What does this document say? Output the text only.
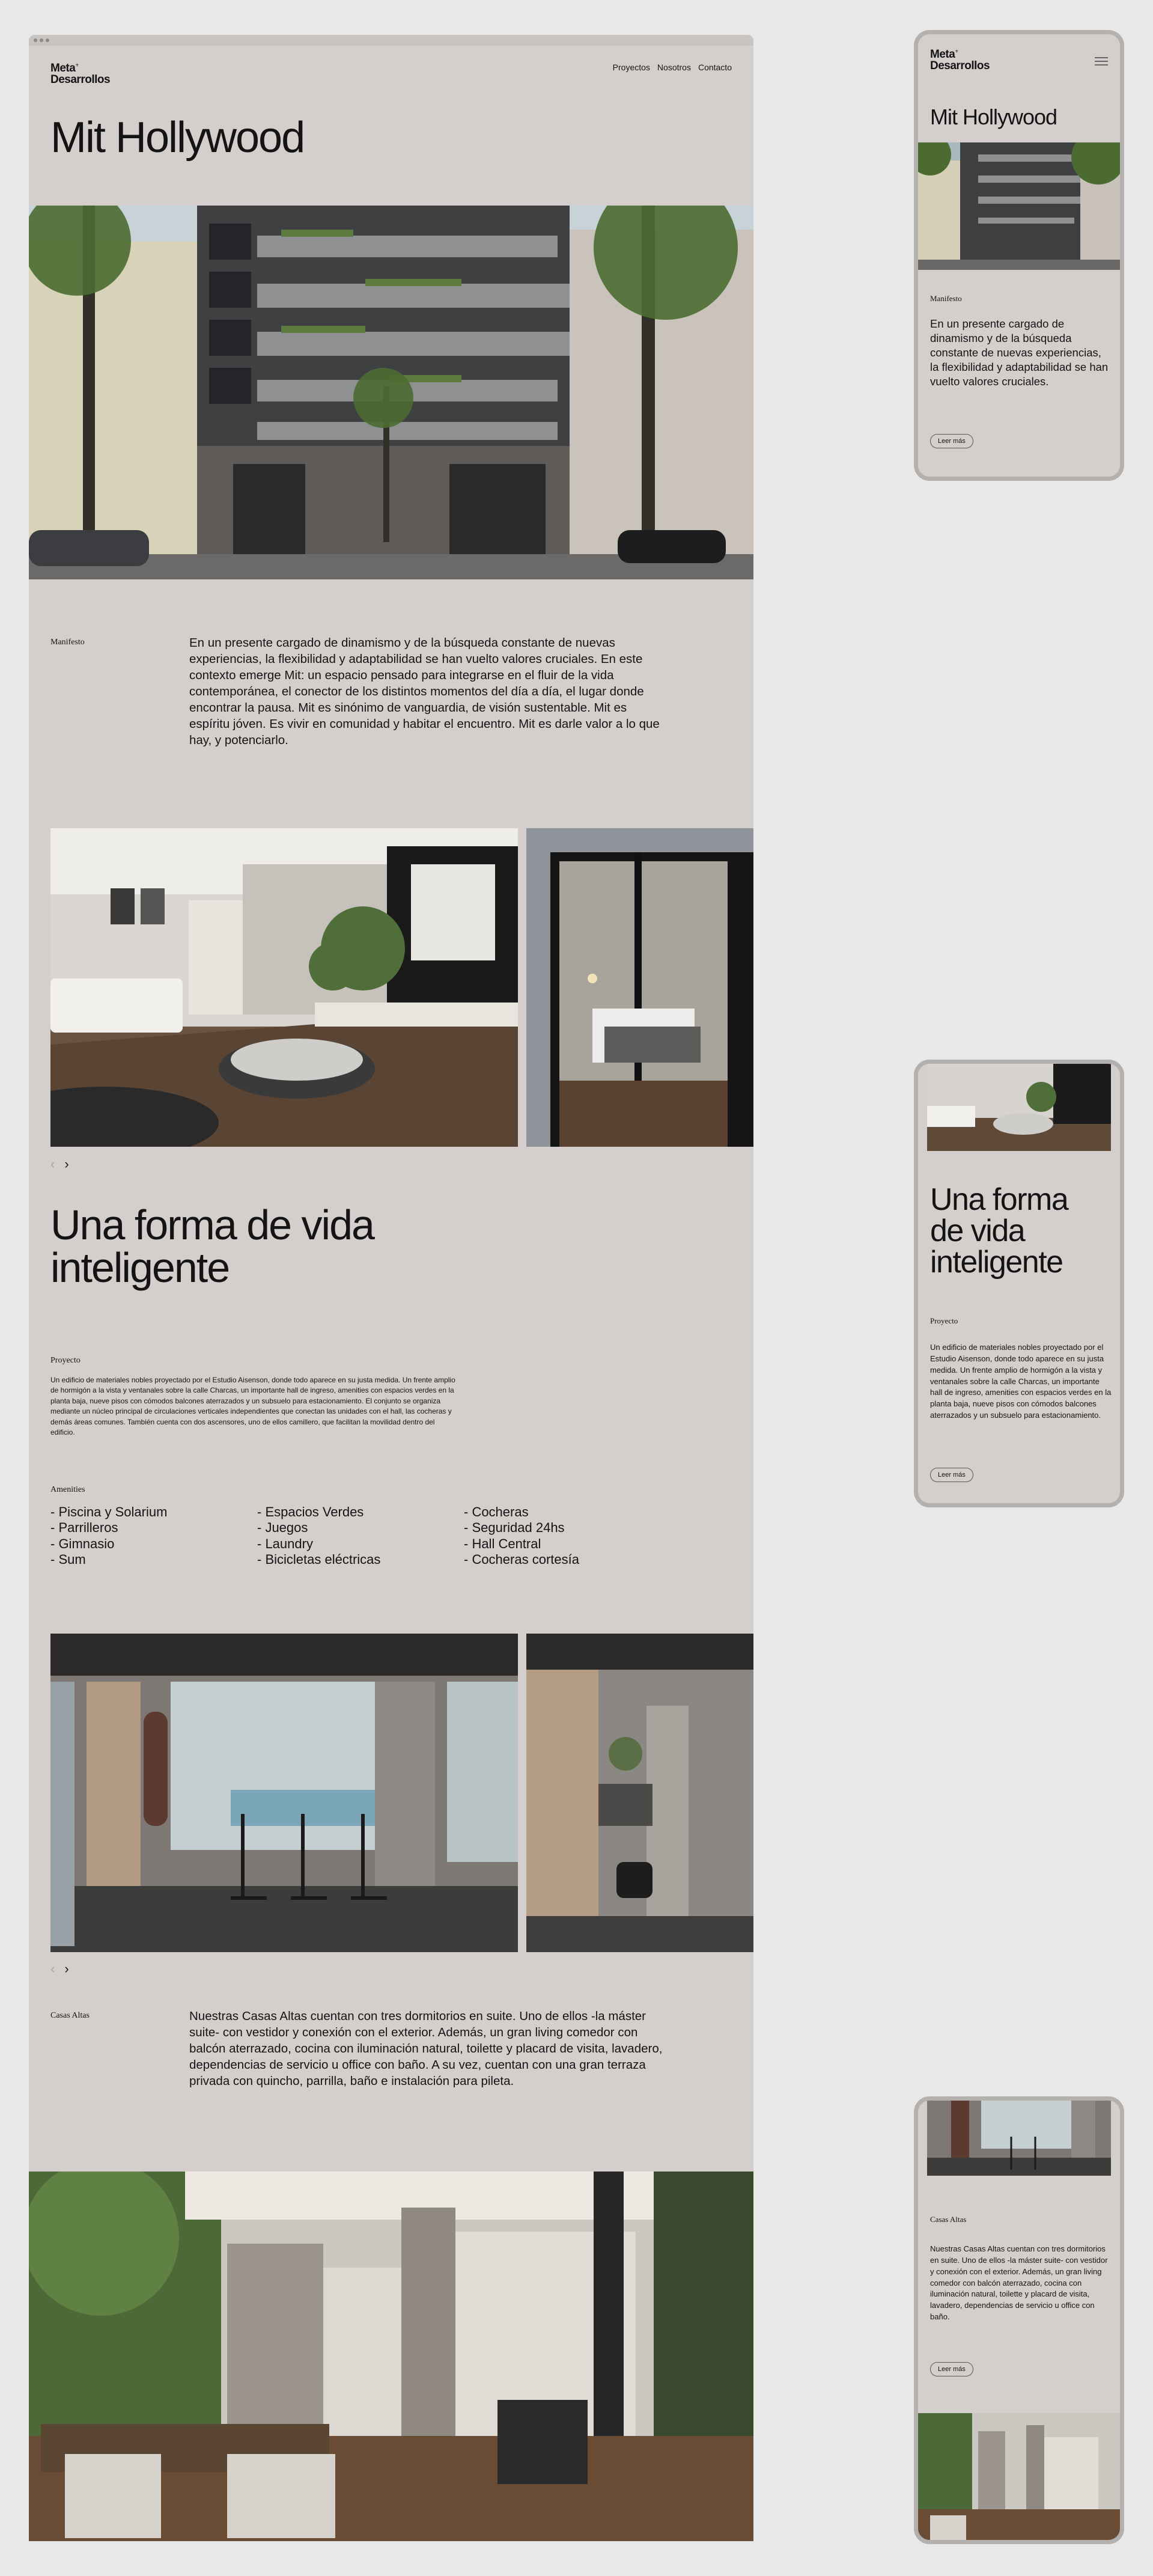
Meta+
Desarrollos
Proyectos Nosotros Contacto
Mit Hollywood
Manifesto	En un presente cargado de dinamismo y de la búsqueda constante de nuevas experiencias, la flexibilidad y adaptabilidad se han vuelto valores cruciales. En este contexto emerge Mit: un espacio pensado para integrarse en el fluir de la vida contemporánea, el conector de los distintos momentos del día a día, el lugar donde encontrar la pausa. Mit es sinónimo de vanguardia, de visión sustentable. Mit es espíritu jóven. Es vivir en comunidad y habitar el encuentro. Mit es darle valor a lo que hay, y potenciarlo.
‹ ›
Una forma de vida
inteligente
Proyecto
Un edificio de materiales nobles proyectado por el Estudio Aisenson, donde todo aparece en su justa medida. Un frente amplio de hormigón a la vista y ventanales sobre la calle Charcas, un importante hall de ingreso, amenities con espacios verdes en la planta baja, nueve pisos con cómodos balcones aterrazados y un subsuelo para estacionamiento. El conjunto se organiza mediante un núcleo principal de circulaciones verticales independientes que conectan las unidades con el hall, las cocheras y demás áreas comunes. También cuenta con dos ascensores, uno de ellos camillero, que facilitan la movilidad dentro del edificio.
Amenities
- Piscina y Solarium
- Parrilleros
- Gimnasio
- Sum
- Espacios Verdes
- Juegos
- Laundry
- Bicicletas eléctricas
- Cocheras
- Seguridad 24hs
- Hall Central
- Cocheras cortesía
‹ ›
Casas Altas	Nuestras Casas Altas cuentan con tres dormitorios en suite. Uno de ellos -la máster suite- con vestidor y conexión con el exterior. Además, un gran living comedor con balcón aterrazado, cocina con iluminación natural, toilette y placard de visita, lavadero, dependencias de servicio u office con baño. A su vez, cuentan con una gran terraza privada con quincho, parrilla, baño e instalación para pileta.
Meta+
Desarrollos
Mit Hollywood
Manifesto
En un presente cargado de dinamismo y de la búsqueda constante de nuevas experiencias, la flexibilidad y adaptabilidad se han vuelto valores cruciales.
Leer más
Una forma
de vida
inteligente
Proyecto
Un edificio de materiales nobles proyectado por el Estudio Aisenson, donde todo aparece en su justa medida. Un frente amplio de hormigón a la vista y ventanales sobre la calle Charcas, un importante hall de ingreso, amenities con espacios verdes en la planta baja, nueve pisos con cómodos balcones aterrazados y un subsuelo para estacionamiento.
Leer más
Casas Altas
Nuestras Casas Altas cuentan con tres dormitorios en suite. Uno de ellos -la máster suite- con vestidor y conexión con el exterior. Además, un gran living comedor con balcón aterrazado, cocina con iluminación natural, toilette y placard de visita, lavadero, dependencias de servicio u office con baño.
Leer más
